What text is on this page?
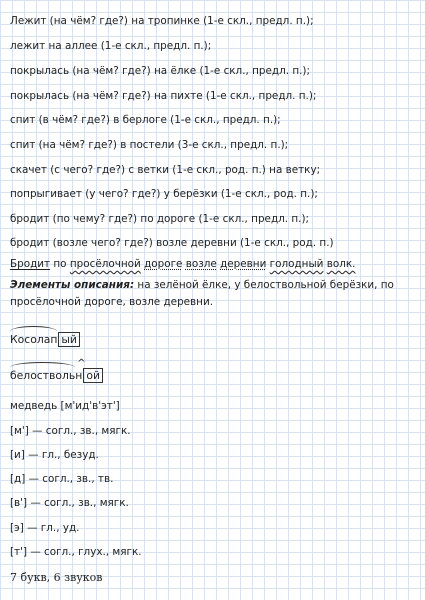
Лежит (на чём? где?) на тропинке (1-е скл., предл. п.);
лежит на аллее (1-е скл., предл. п.);
покрылась (на чём? где?) на ёлке (1-е скл., предл. п.);
покрылась (на чём? где?) на пихте (1-е скл., предл. п.);
спит (в чём? где?) в берлоге (1-е скл., предл. п.);
спит (на чём? где?) в постели (3-е скл., предл. п.);
скачет (с чего? где?) с ветки (1-е скл., род. п.) на ветку;
попрыгивает (у чего? где?) у берёзки (1-е скл., род. п.);
бродит (по чему? где?) по дороге (1-е скл., предл. п.);
бродит (возле чего? где?) возле деревни (1-е скл., род. п.)
Бродит по просёлочной дороге возле деревни голодный волк.
Элементы описания: на зелёной ёлке, у белоствольной берёзки, по просёлочной дороге, возле деревни.
Косолап ый
белостволь^ н ой
медведь [м'ид'в'эт']
[м'] — согл., зв., мягк.
[и] — гл., безуд.
[д] — согл., зв., тв.
[в'] — согл., зв., мягк.
[э] — гл., уд.
[т'] — согл., глух., мягк.
7 букв, 6 звуков
